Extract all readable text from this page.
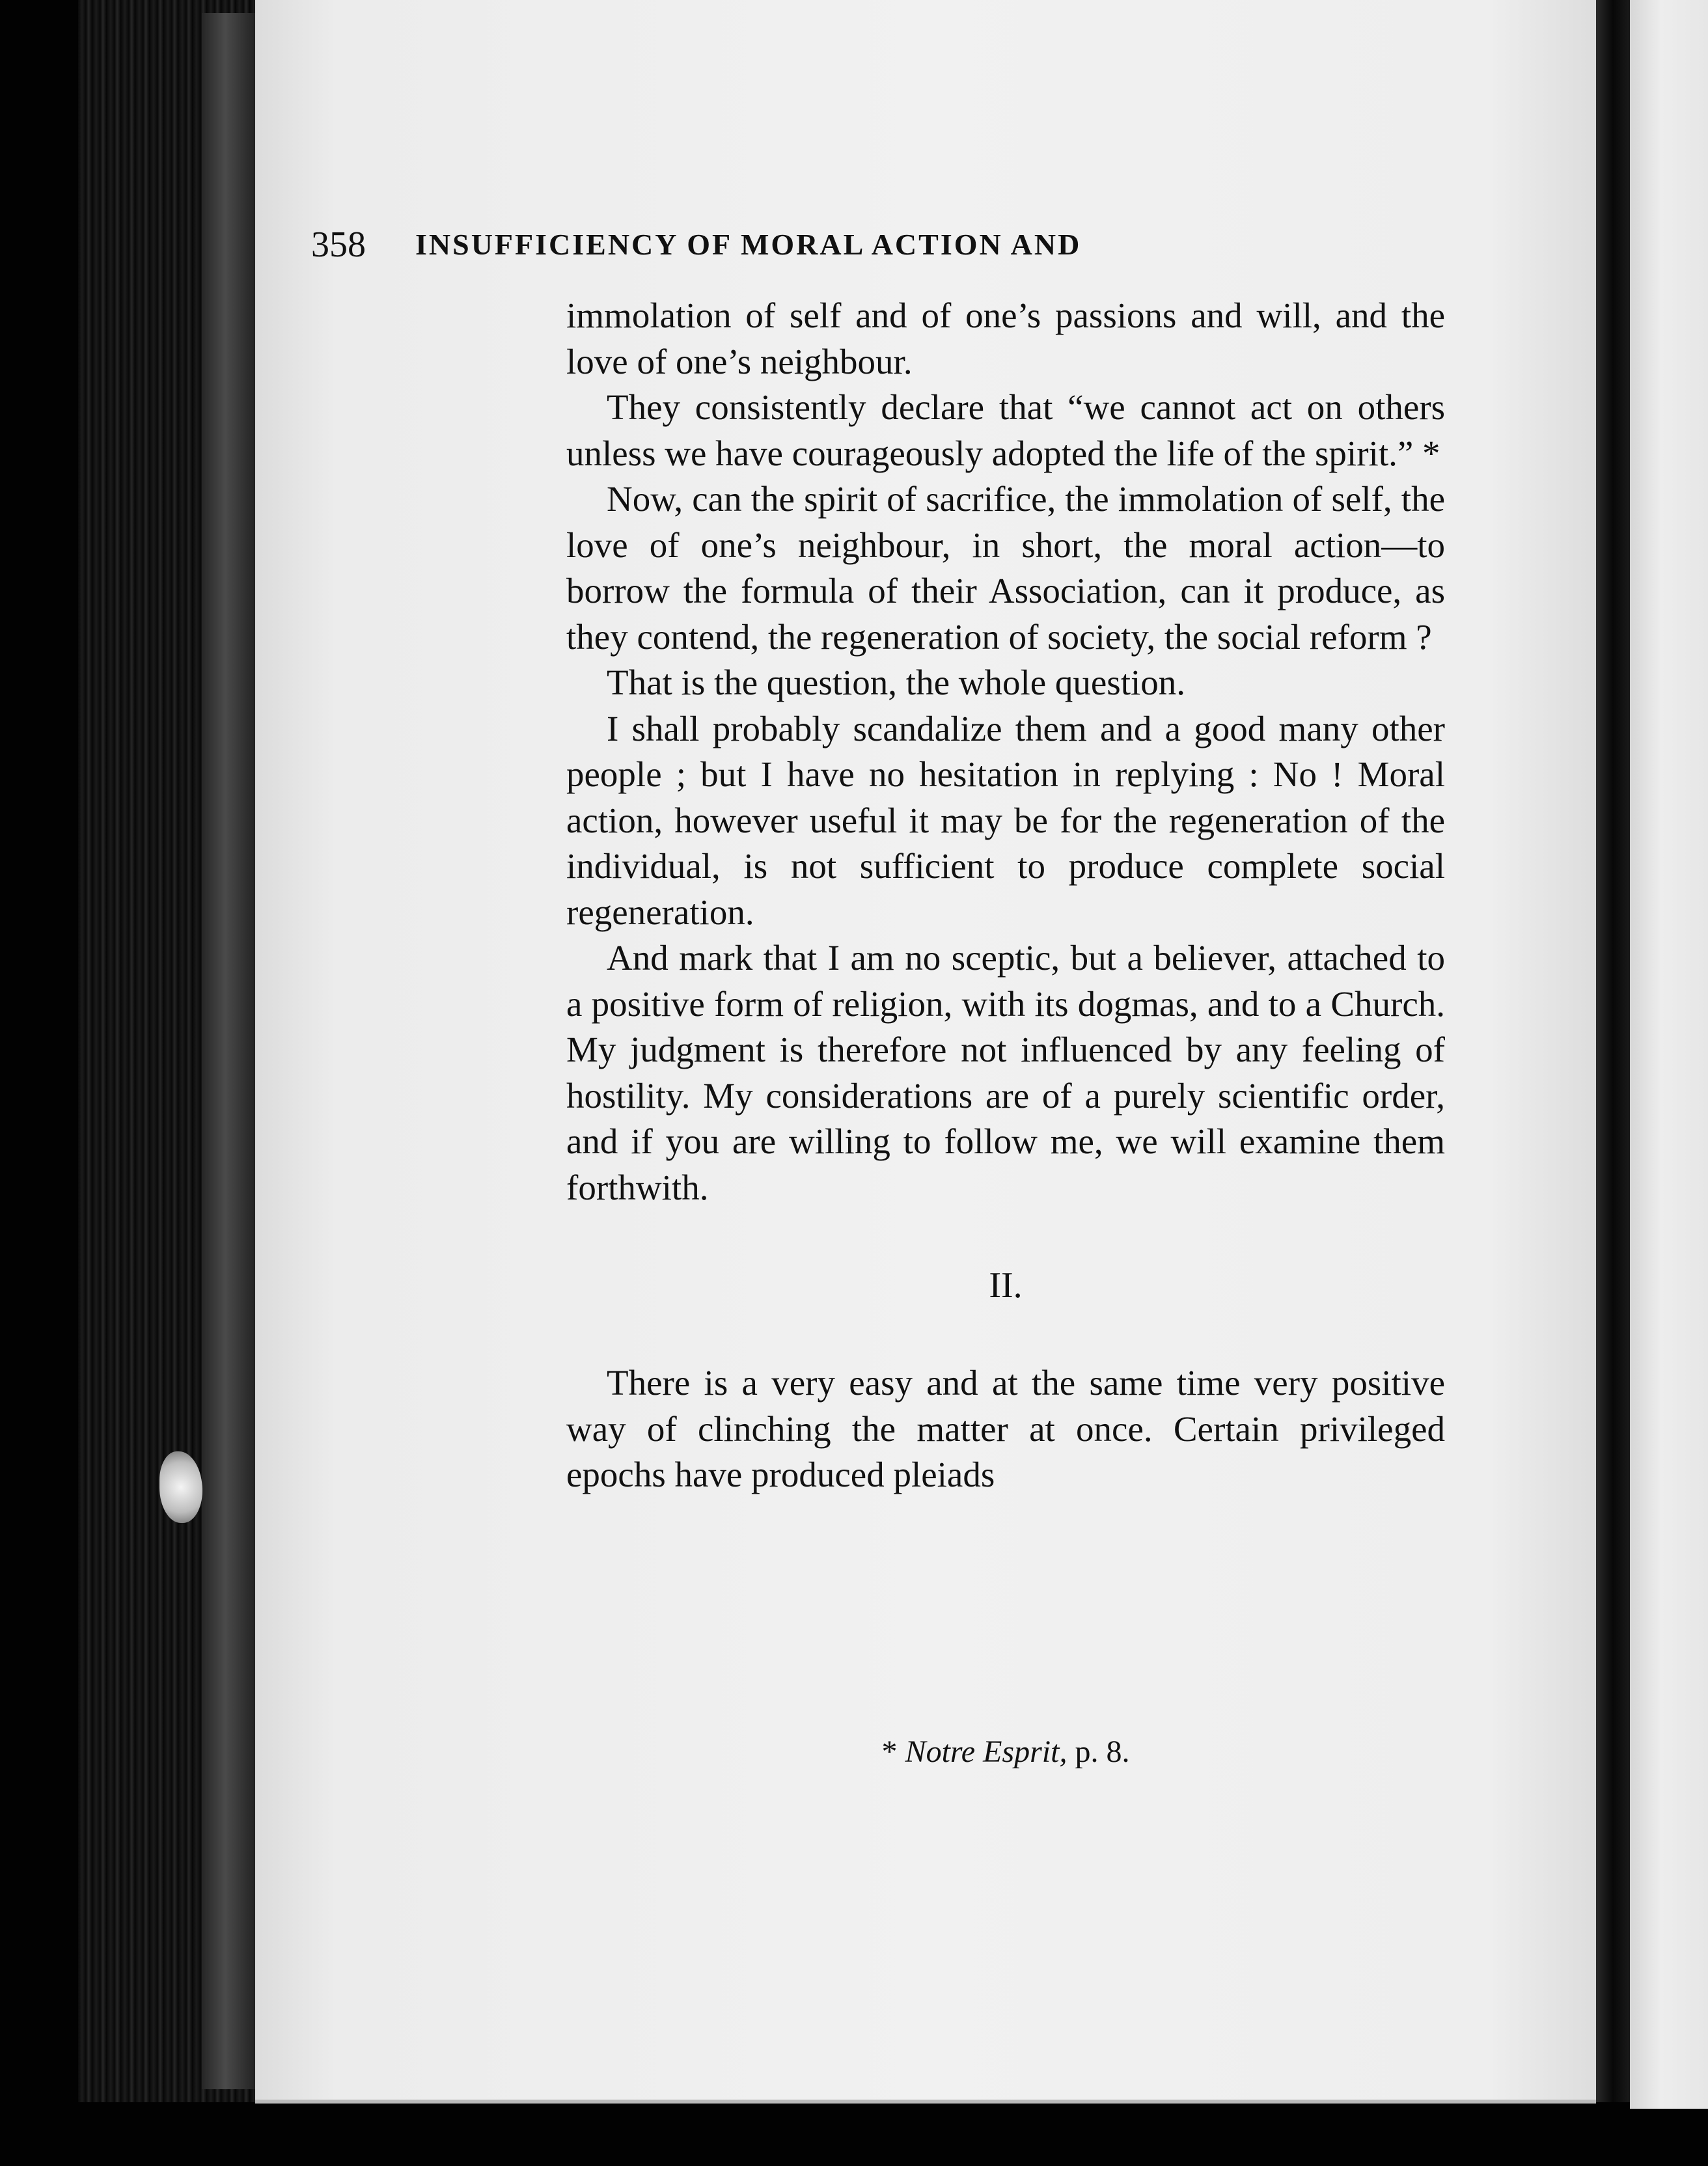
358 INSUFFICIENCY OF MORAL ACTION AND

immolation of self and of one’s passions and will, and the love of one’s neighbour.

They consistently declare that “we cannot act on others unless we have courageously adopted the life of the spirit.” *

Now, can the spirit of sacrifice, the immolation of self, the love of one’s neighbour, in short, the moral action—to borrow the formula of their Association, can it produce, as they contend, the regeneration of society, the social reform ?

That is the question, the whole question.

I shall probably scandalize them and a good many other people ; but I have no hesitation in replying : No ! Moral action, however useful it may be for the regeneration of the individual, is not sufficient to produce complete social regeneration.

And mark that I am no sceptic, but a believer, attached to a positive form of religion, with its dogmas, and to a Church. My judgment is therefore not influenced by any feeling of hostility. My considerations are of a purely scientific order, and if you are willing to follow me, we will examine them forthwith.

II.

There is a very easy and at the same time very positive way of clinching the matter at once. Certain privileged epochs have produced pleiads

* Notre Esprit, p. 8.
